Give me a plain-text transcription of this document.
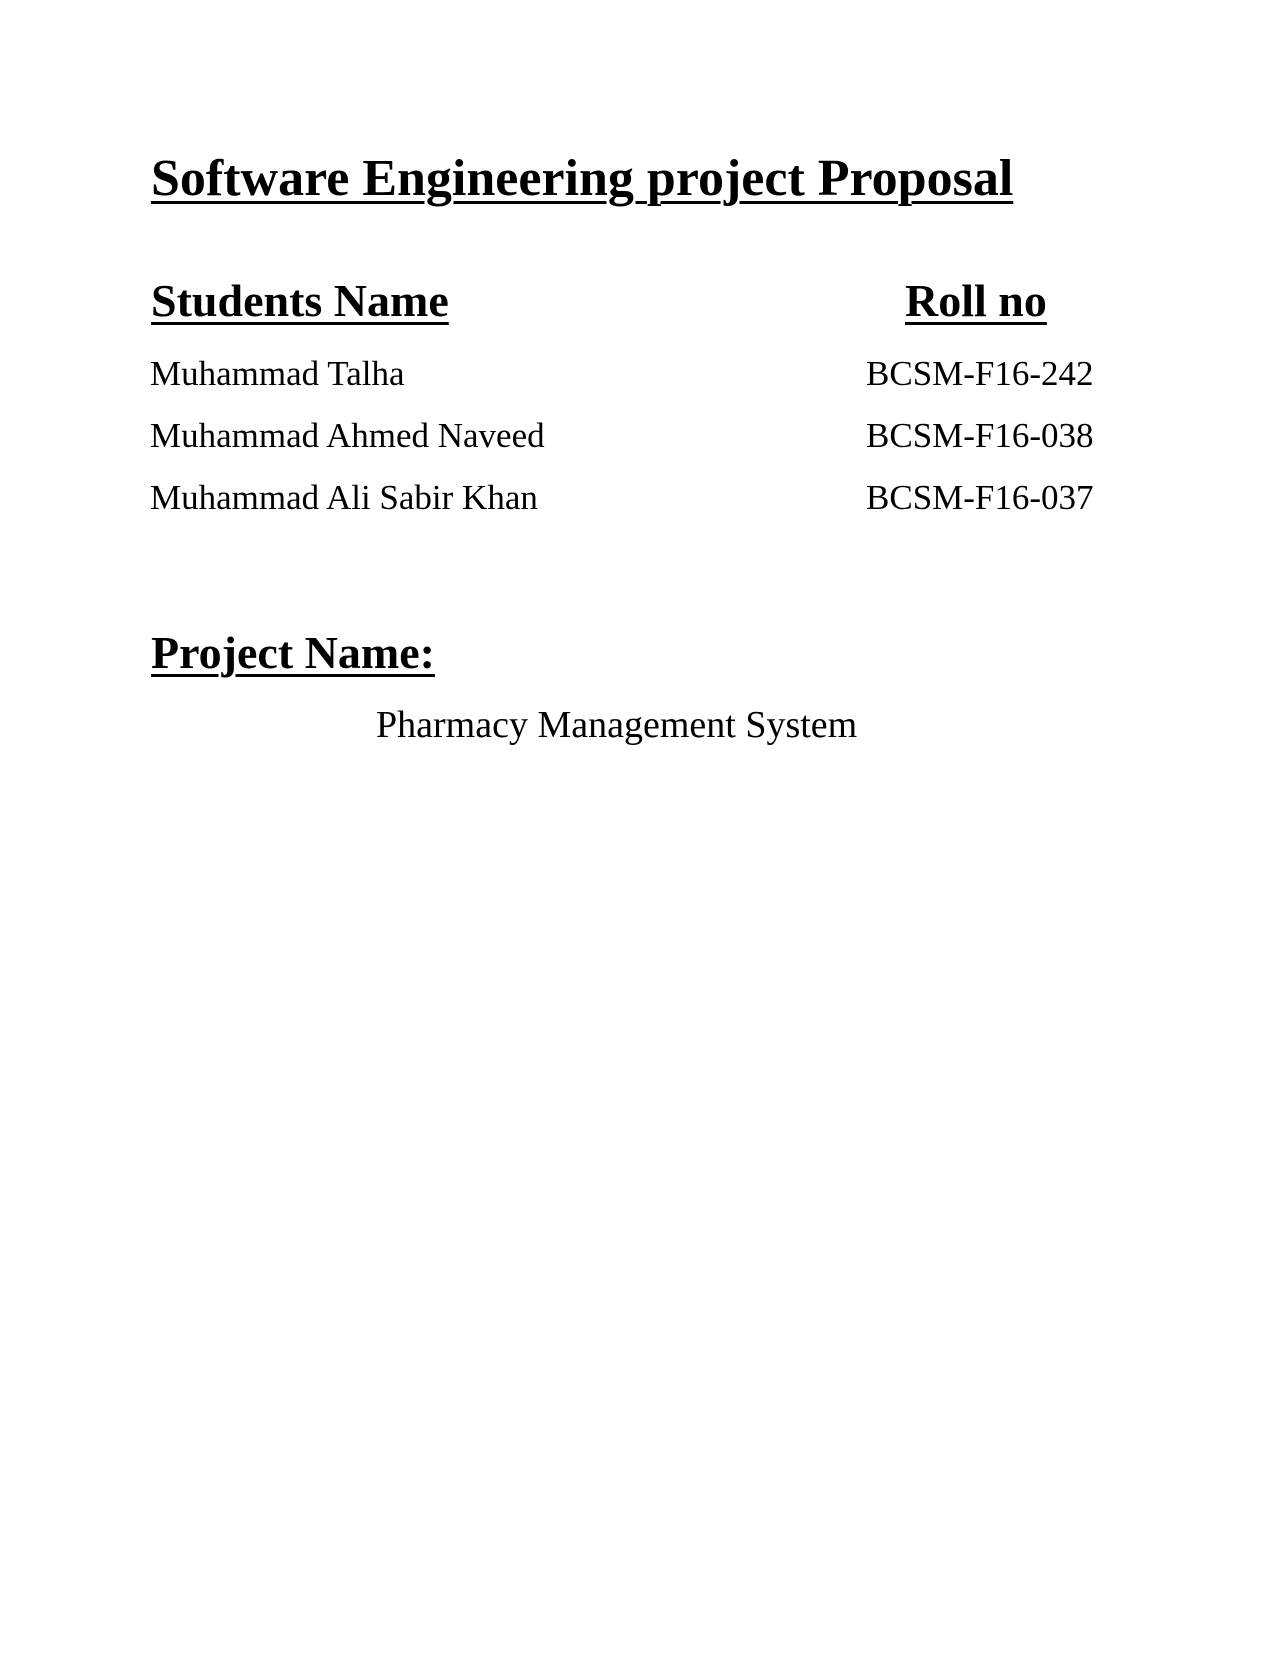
Software Engineering project Proposal
Students Name	Roll no
Muhammad Talha	BCSM-F16-242
Muhammad Ahmed Naveed	BCSM-F16-038
Muhammad Ali Sabir Khan	BCSM-F16-037
Project Name:
Pharmacy Management System
